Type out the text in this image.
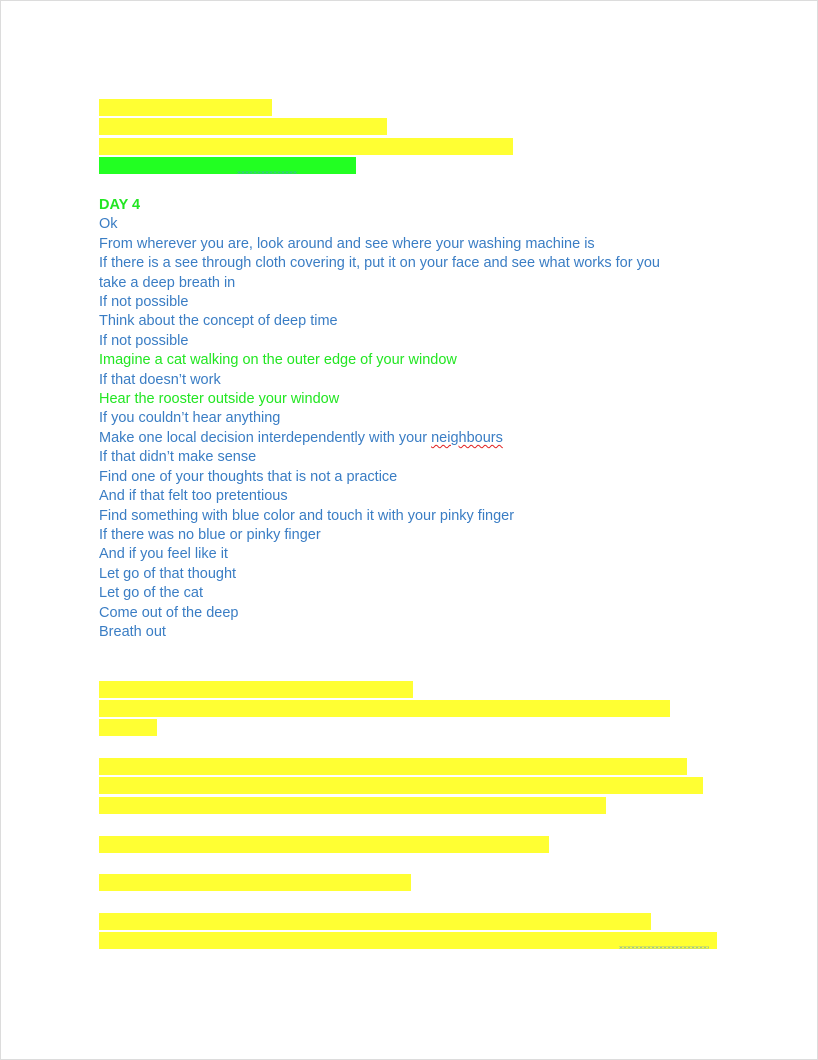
DAY 4
Ok
From wherever you are, look around and see where your washing machine is
If there is a see through cloth covering it, put it on your face and see what works for you
take a deep breath in
If not possible
Think about the concept of deep time
If not possible
Imagine a cat walking on the outer edge of your window
If that doesn’t work
Hear the rooster outside your window
If you couldn’t hear anything
Make one local decision interdependently with your neighbours
If that didn’t make sense
Find one of your thoughts that is not a practice
And if that felt too pretentious
Find something with blue color and touch it with your pinky finger
If there was no blue or pinky finger
And if you feel like it
Let go of that thought
Let go of the cat
Come out of the deep
Breath out
